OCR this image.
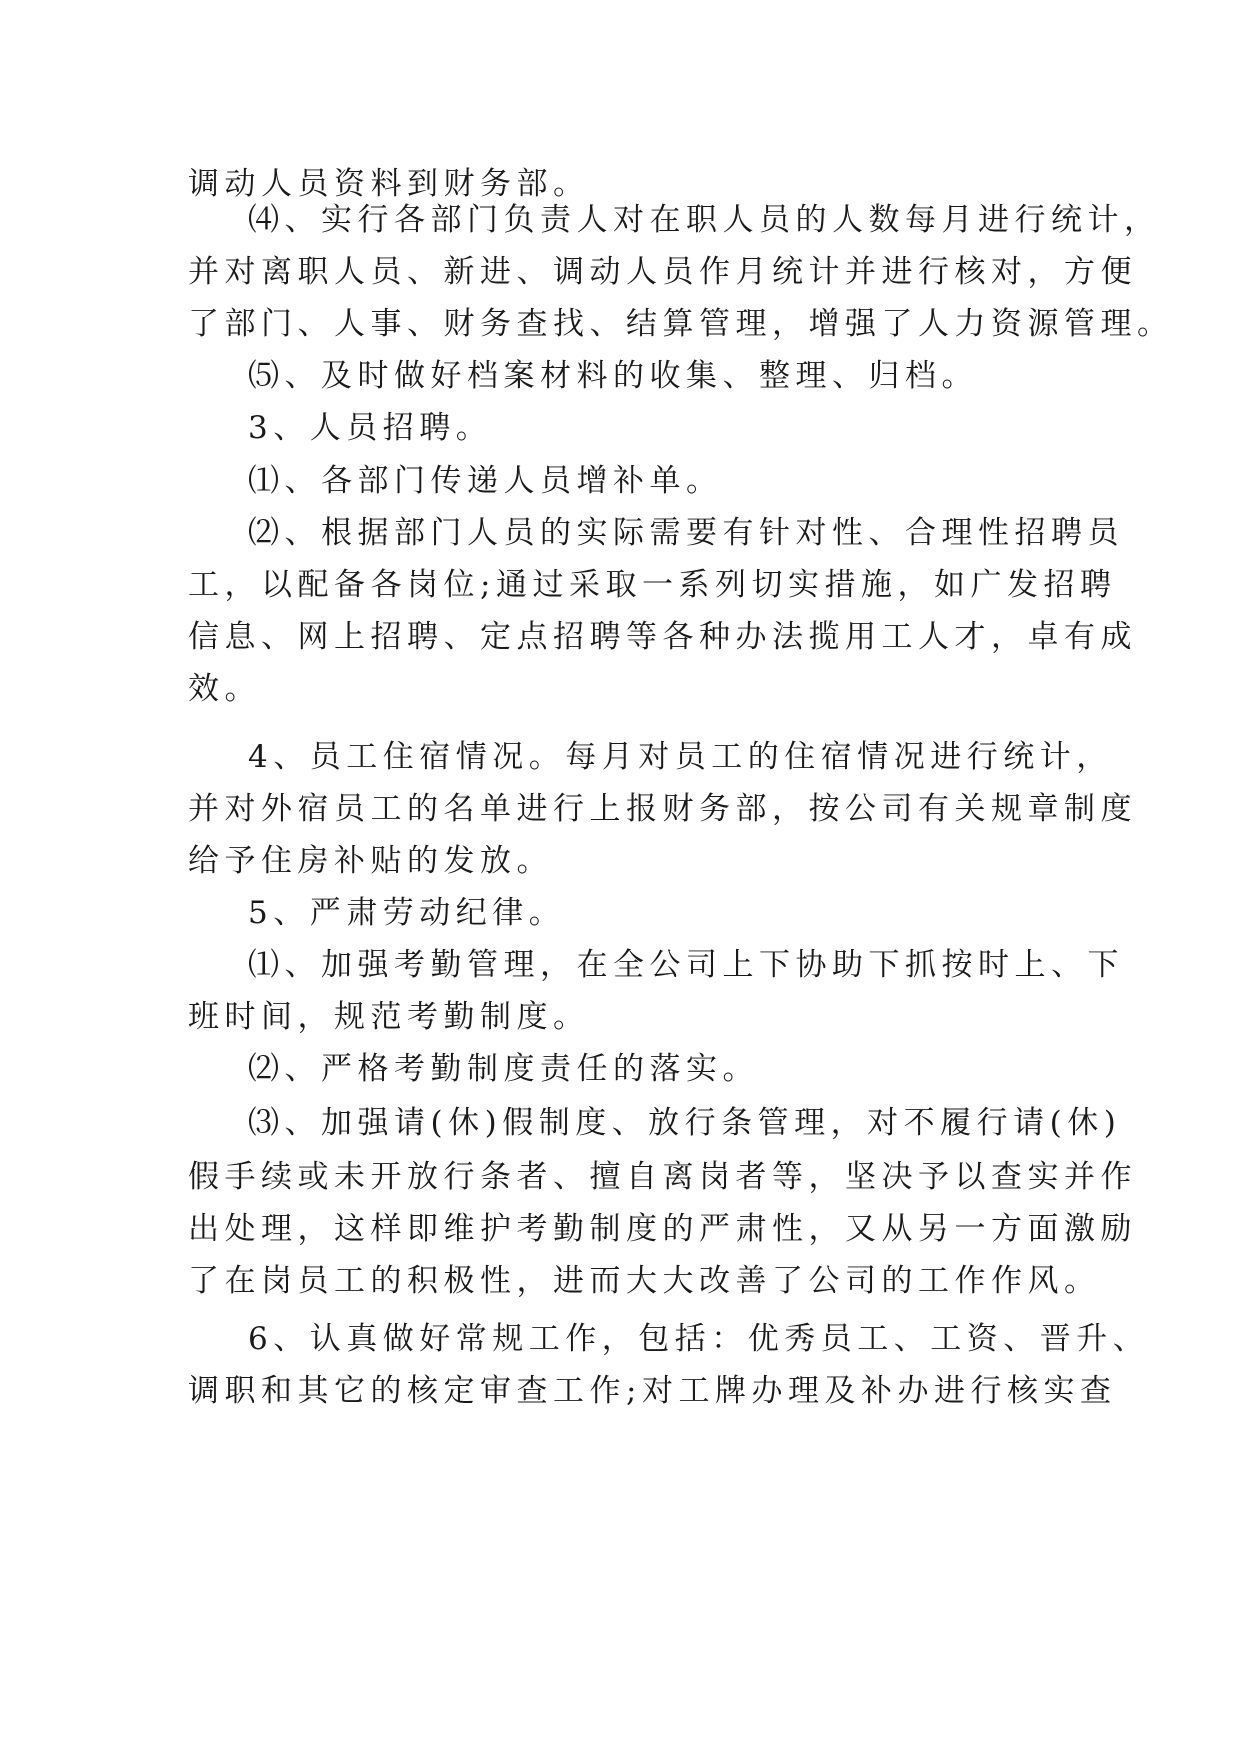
调动人员资料到财务部。
⑷、实行各部门负责人对在职人员的人数每月进行统计，
并对离职人员、新进、调动人员作月统计并进行核对，方便
了部门、人事、财务查找、结算管理，增强了人力资源管理。
⑸、及时做好档案材料的收集、整理、归档。
3、人员招聘。
⑴、各部门传递人员增补单。
⑵、根据部门人员的实际需要有针对性、合理性招聘员
工，以配备各岗位;通过采取一系列切实措施，如广发招聘
信息、网上招聘、定点招聘等各种办法揽用工人才，卓有成
效。
4、员工住宿情况。每月对员工的住宿情况进行统计，
并对外宿员工的名单进行上报财务部，按公司有关规章制度
给予住房补贴的发放。
5、严肃劳动纪律。
⑴、加强考勤管理，在全公司上下协助下抓按时上、下
班时间，规范考勤制度。
⑵、严格考勤制度责任的落实。
⑶、加强请(休)假制度、放行条管理，对不履行请(休)
假手续或未开放行条者、擅自离岗者等，坚决予以查实并作
出处理，这样即维护考勤制度的严肃性，又从另一方面激励
了在岗员工的积极性，进而大大改善了公司的工作作风。
6、认真做好常规工作，包括：优秀员工、工资、晋升、
调职和其它的核定审查工作;对工牌办理及补办进行核实查
